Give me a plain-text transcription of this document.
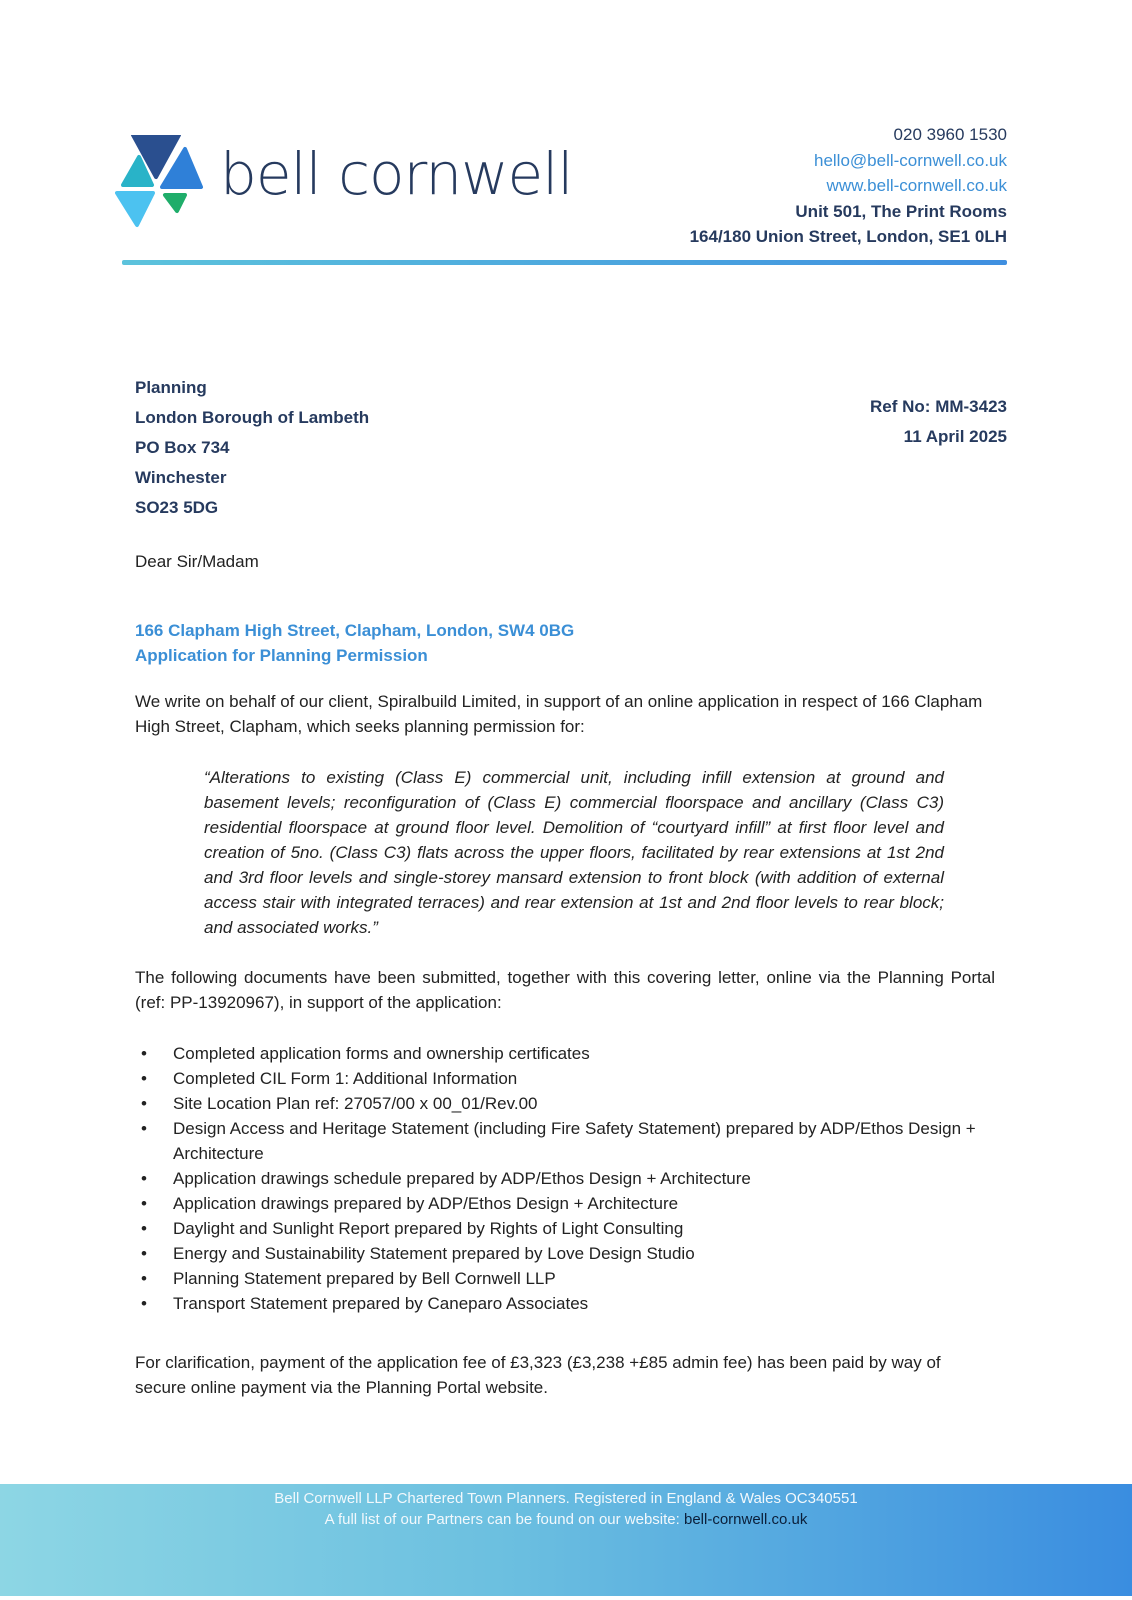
bell cornwell
020 3960 1530
hello@bell-cornwell.co.uk
www.bell-cornwell.co.uk
Unit 501, The Print Rooms
164/180 Union Street, London, SE1 0LH
Planning
London Borough of Lambeth
PO Box 734
Winchester
SO23 5DG
Ref No: MM-3423
11 April 2025
Dear Sir/Madam
166 Clapham High Street, Clapham, London, SW4 0BG
Application for Planning Permission

We write on behalf of our client, Spiralbuild Limited, in support of an online application in respect of 166 Clapham High Street, Clapham, which seeks planning permission for:

“Alterations to existing (Class E) commercial unit, including infill extension at ground and basement levels; reconfiguration of (Class E) commercial floorspace and ancillary (Class C3) residential floorspace at ground floor level. Demolition of “courtyard infill” at first floor level and creation of 5no. (Class C3) flats across the upper floors, facilitated by rear extensions at 1st 2nd and 3rd floor levels and single-storey mansard extension to front block (with addition of external access stair with integrated terraces) and rear extension at 1st and 2nd floor levels to rear block; and associated works.”

The following documents have been submitted, together with this covering letter, online via the Planning Portal (ref: PP-13920967), in support of the application:

• Completed application forms and ownership certificates
• Completed CIL Form 1: Additional Information
• Site Location Plan ref: 27057/00 x 00_01/Rev.00
• Design Access and Heritage Statement (including Fire Safety Statement) prepared by ADP/Ethos Design + Architecture
• Application drawings schedule prepared by ADP/Ethos Design + Architecture
• Application drawings prepared by ADP/Ethos Design + Architecture
• Daylight and Sunlight Report prepared by Rights of Light Consulting
• Energy and Sustainability Statement prepared by Love Design Studio
• Planning Statement prepared by Bell Cornwell LLP
• Transport Statement prepared by Caneparo Associates

For clarification, payment of the application fee of £3,323 (£3,238 +£85 admin fee) has been paid by way of secure online payment via the Planning Portal website.

Bell Cornwell LLP Chartered Town Planners. Registered in England & Wales OC340551
A full list of our Partners can be found on our website: bell-cornwell.co.uk
